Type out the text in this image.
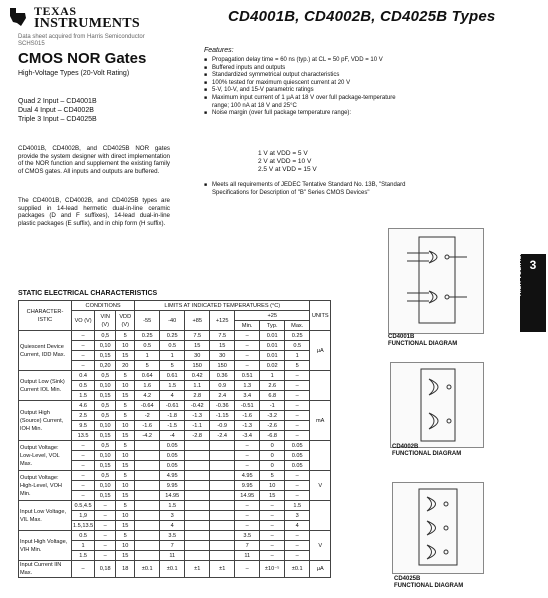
TEXAS
INSTRUMENTS
Data sheet acquired from Harris Semiconductor
SCHS015
CD4001B, CD4002B, CD4025B Types
CMOS NOR Gates
High-Voltage Types (20-Volt Rating)
Quad 2 Input – CD4001B
Dual 4 Input – CD4002B
Triple 3 Input – CD4025B
CD4001B, CD4002B, and CD4025B NOR gates provide the system designer with direct implementation of the NOR function and supplement the existing family of CMOS gates. All inputs and outputs are buffered.
The CD4001B, CD4002B, and CD4025B types are supplied in 14-lead hermetic dual-in-line ceramic packages (D and F suffixes), 14-lead dual-in-line plastic packages (E suffix), and in chip form (H suffix).
Features:
■ Propagation delay time = 60 ns (typ.) at CL = 50 pF, VDD = 10 V
■ Buffered inputs and outputs
■ Standardized symmetrical output characteristics
■ 100% tested for maximum quiescent current at 20 V
■ 5-V, 10-V, and 15-V parametric ratings
■ Maximum input current of 1 µA at 18 V over full package-temperature range; 100 nA at 18 V and 25°C
■ Noise margin (over full package temperature range):
1 V at VDD = 5 V
2 V at VDD = 10 V
2.5 V at VDD = 15 V
■ Meets all requirements of JEDEC Tentative Standard No. 13B, "Standard Specifications for Description of "B" Series CMOS Devices"
3
COMMERCIAL CMOS HIGH VOLTAGE ICs
CD4001B
FUNCTIONAL DIAGRAM
CD4002B
FUNCTIONAL DIAGRAM
CD4025B
FUNCTIONAL DIAGRAM
STATIC ELECTRICAL CHARACTERISTICS
CHARACTER- ISTIC	CONDITIONS			LIMITS AT INDICATED TEMPERATURES (°C)							UNITS
	VO (V)	VIN (V)	VDD (V)	-55	-40	+85	+125	+25			
								Min.	Typ.	Max.	
Quiescent Device Current, IDD Max.	–	0,5	5	0.25	0.25	7.5	7.5	–	0.01	0.25	µA
	–	0,10	10	0.5	0.5	15	15	–	0.01	0.5	
	–	0,15	15	1	1	30	30	–	0.01	1	
	–	0,20	20	5	5	150	150	–	0.02	5	
Output Low (Sink) Current IOL Min.	0.4	0,5	5	0.64	0.61	0.42	0.36	0.51	1	–	
	0.5	0,10	10	1.6	1.5	1.1	0.9	1.3	2.6	–	
	1.5	0,15	15	4.2	4	2.8	2.4	3.4	6.8	–	
Output High (Source) Current, IOH Min.	4.6	0,5	5	-0.64	-0.61	-0.42	-0.36	-0.51	-1	–	mA
	2.5	0,5	5	-2	-1.8	-1.3	-1.15	-1.6	-3.2	–	
	9.5	0,10	10	-1.6	-1.5	-1.1	-0.9	-1.3	-2.6	–	
	13.5	0,15	15	-4.2	-4	-2.8	-2.4	-3.4	-6.8	–	
Output Voltage: Low-Level, VOL Max.	–	0,5	5		0.05			–	0	0.05	
	–	0,10	10		0.05			–	0	0.05	
	–	0,15	15		0.05			–	0	0.05	
Output Voltage: High-Level, VOH Min.	–	0,5	5		4.95			4.95	5	–	V
	–	0,10	10		9.95			9.95	10	–	
	–	0,15	15		14.95			14.95	15	–	
Input Low Voltage, VIL Max.	0.5,4.5	–	5		1.5			–	–	1.5	
	1,9	–	10		3			–	–	3	
	1.5,13.5	–	15		4			–	–	4	
Input High Voltage, VIH Min.	0.5	–	5		3.5			3.5	–	–	V
	1	–	10		7			7	–	–	
	1.5	–	15		11			11	–	–	
Input Current IIN Max.	–	0,18	18	±0.1	±0.1	±1	±1	–	±10⁻⁵	±0.1	µA
